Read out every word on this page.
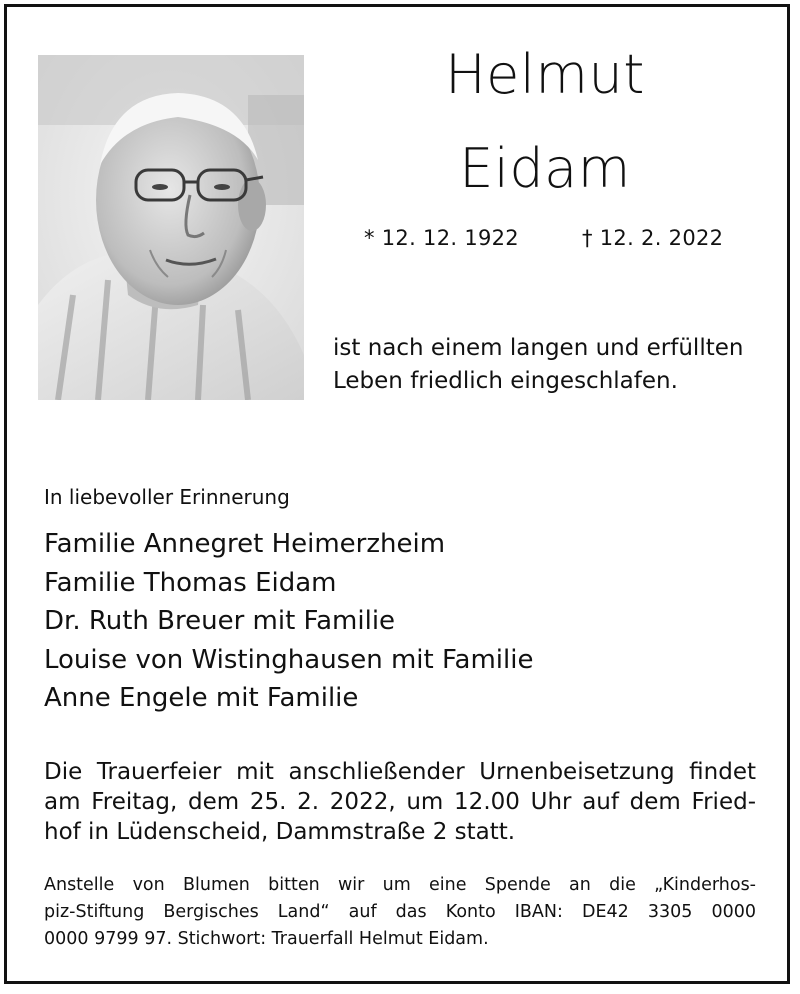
Helmut
Eidam
* 12. 12. 1922	† 12. 2. 2022
ist nach einem langen und erfüllten
Leben friedlich eingeschlafen.
In liebevoller Erinnerung
Familie Annegret Heimerzheim
Familie Thomas Eidam
Dr. Ruth Breuer mit Familie
Louise von Wistinghausen mit Familie
Anne Engele mit Familie
Die Trauerfeier mit anschließender Urnenbeisetzung findet
am Freitag, dem 25. 2. 2022, um 12.00 Uhr auf dem Fried-
hof in Lüdenscheid, Dammstraße 2 statt.
Anstelle von Blumen bitten wir um eine Spende an die „Kinderhos-
piz-Stiftung Bergisches Land“ auf das Konto IBAN: DE42 3305 0000
0000 9799 97. Stichwort: Trauerfall Helmut Eidam.
